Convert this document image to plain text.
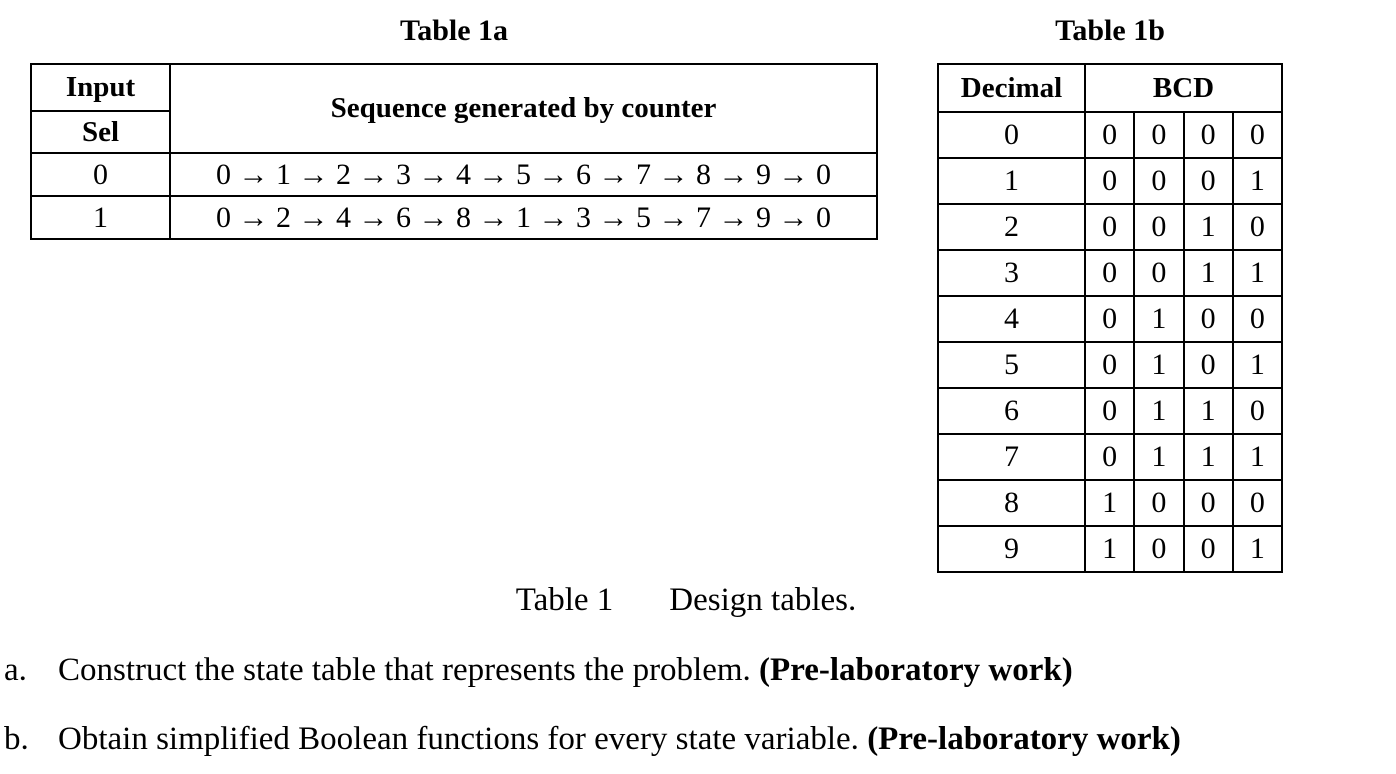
Table 1a	Table 1b
Input	Sequence generated by counter
Sel	
0	0 → 1 → 2 → 3 → 4 → 5 → 6 → 7 → 8 → 9 → 0
1	0 → 2 → 4 → 6 → 8 → 1 → 3 → 5 → 7 → 9 → 0
Decimal	BCD			
0	0	0	0	0
1	0	0	0	1
2	0	0	1	0
3	0	0	1	1
4	0	1	0	0
5	0	1	0	1
6	0	1	1	0
7	0	1	1	1
8	1	0	0	0
9	1	0	0	1
Table 1 Design tables.
a. Construct the state table that represents the problem. (Pre-laboratory work)
b. Obtain simplified Boolean functions for every state variable. (Pre-laboratory work)
